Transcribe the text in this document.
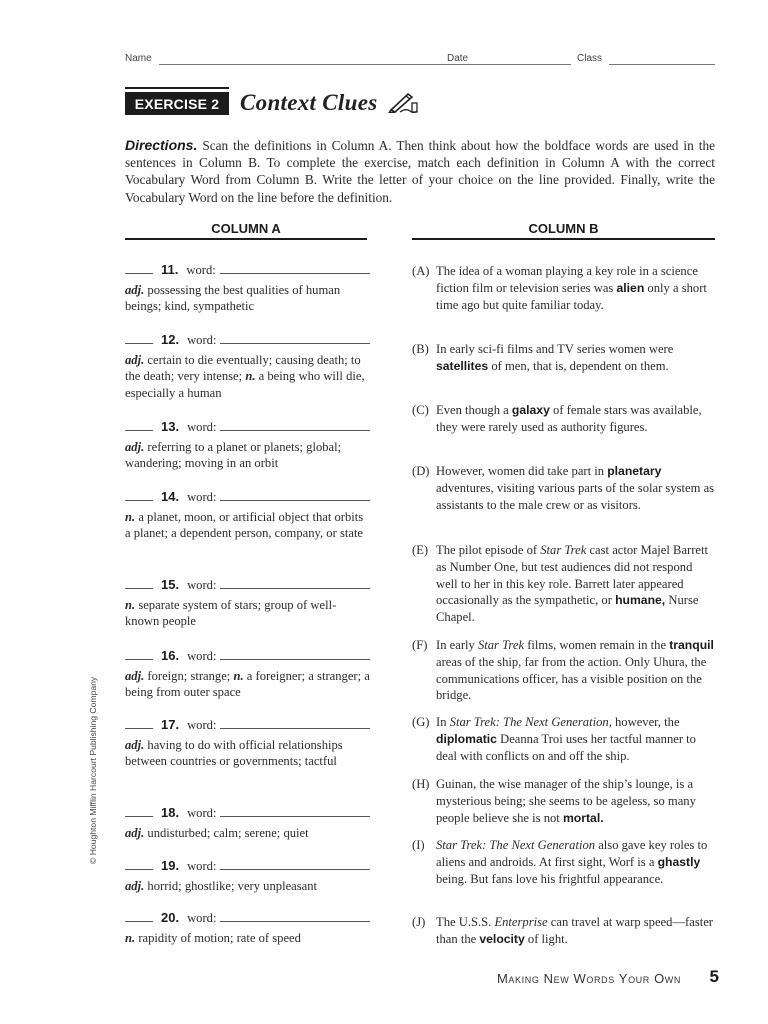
Name	Date	Class
EXERCISE 2 Context Clues
Directions. Scan the definitions in Column A. Then think about how the boldface words are used in the sentences in Column B. To complete the exercise, match each definition in Column A with the correct Vocabulary Word from Column B. Write the letter of your choice on the line provided. Finally, write the Vocabulary Word on the line before the definition.
COLUMN A	COLUMN B
11. word:
adj. possessing the best qualities of human beings; kind, sympathetic
12. word:
adj. certain to die eventually; causing death; to the death; very intense; n. a being who will die, especially a human
13. word:
adj. referring to a planet or planets; global; wandering; moving in an orbit
14. word:
n. a planet, moon, or artificial object that orbits a planet; a dependent person, company, or state
15. word:
n. separate system of stars; group of well-known people
16. word:
adj. foreign; strange; n. a foreigner; a stranger; a being from outer space
17. word:
adj. having to do with official relationships between countries or governments; tactful
18. word:
adj. undisturbed; calm; serene; quiet
19. word:
adj. horrid; ghostlike; very unpleasant
20. word:
n. rapidity of motion; rate of speed
(A) The idea of a woman playing a key role in a science fiction film or television series was alien only a short time ago but quite familiar today.
(B) In early sci-fi films and TV series women were satellites of men, that is, dependent on them.
(C) Even though a galaxy of female stars was available, they were rarely used as authority figures.
(D) However, women did take part in planetary adventures, visiting various parts of the solar system as assistants to the male crew or as visitors.
(E) The pilot episode of Star Trek cast actor Majel Barrett as Number One, but test audiences did not respond well to her in this key role. Barrett later appeared occasionally as the sympathetic, or humane, Nurse Chapel.
(F) In early Star Trek films, women remain in the tranquil areas of the ship, far from the action. Only Uhura, the communications officer, has a visible position on the bridge.
(G) In Star Trek: The Next Generation, however, the diplomatic Deanna Troi uses her tactful manner to deal with conflicts on and off the ship.
(H) Guinan, the wise manager of the ship’s lounge, is a mysterious being; she seems to be ageless, so many people believe she is not mortal.
(I) Star Trek: The Next Generation also gave key roles to aliens and androids. At first sight, Worf is a ghastly being. But fans love his frightful appearance.
(J) The U.S.S. Enterprise can travel at warp speed—faster than the velocity of light.
© Houghton Mifflin Harcourt Publishing Company
Making New Words Your Own 5
